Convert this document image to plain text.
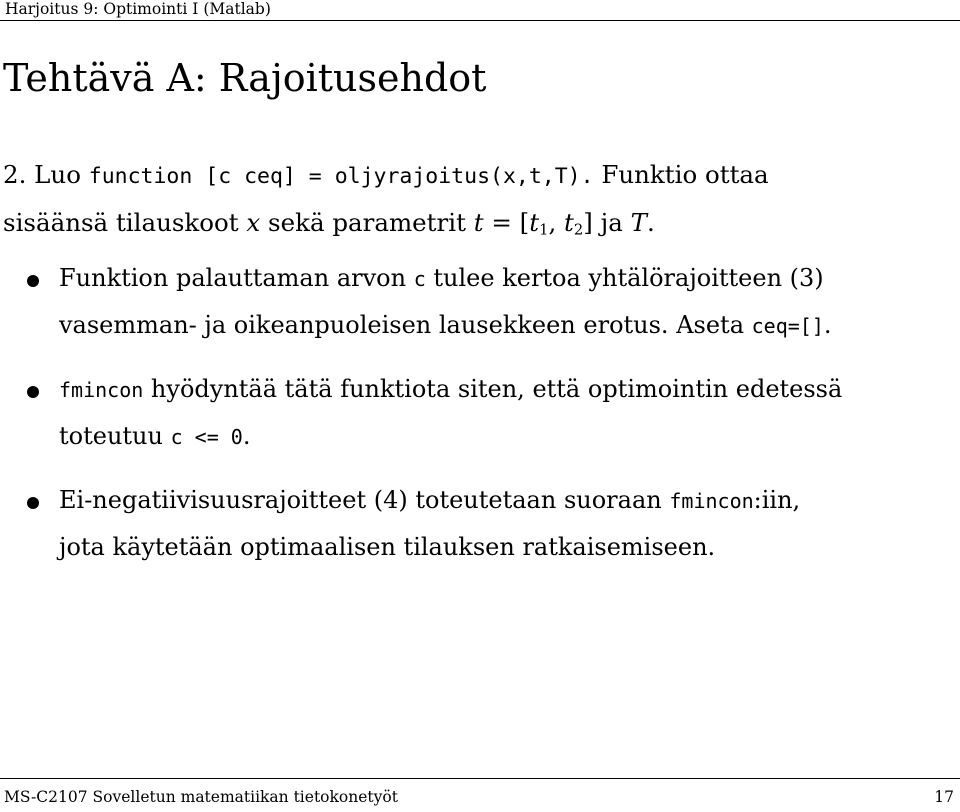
Harjoitus 9: Optimointi I (Matlab)
Tehtävä A: Rajoitusehdot
2. Luo function [c ceq] = oljyrajoitus(x,t,T). Funktio ottaa
sisäänsä tilauskoot x sekä parametrit $t = [t_1$, $t_2$] ja T.
Funktion palauttaman arvon c tulee kertoa yhtälörajoitteen (3)
vasemman- ja oikeanpuoleisen lausekkeen erotus. Aseta ceq=[].
fmincon hyödyntää tätä funktiota siten, että optimointin edetessä
toteutuu c <= 0.
Ei-negatiivisuusrajoitteet (4) toteutetaan suoraan fmincon:iin,
jota käytetään optimaalisen tilauksen ratkaisemiseen.
MS-C2107 Sovelletun matematiikan tietokonetyöt	17
